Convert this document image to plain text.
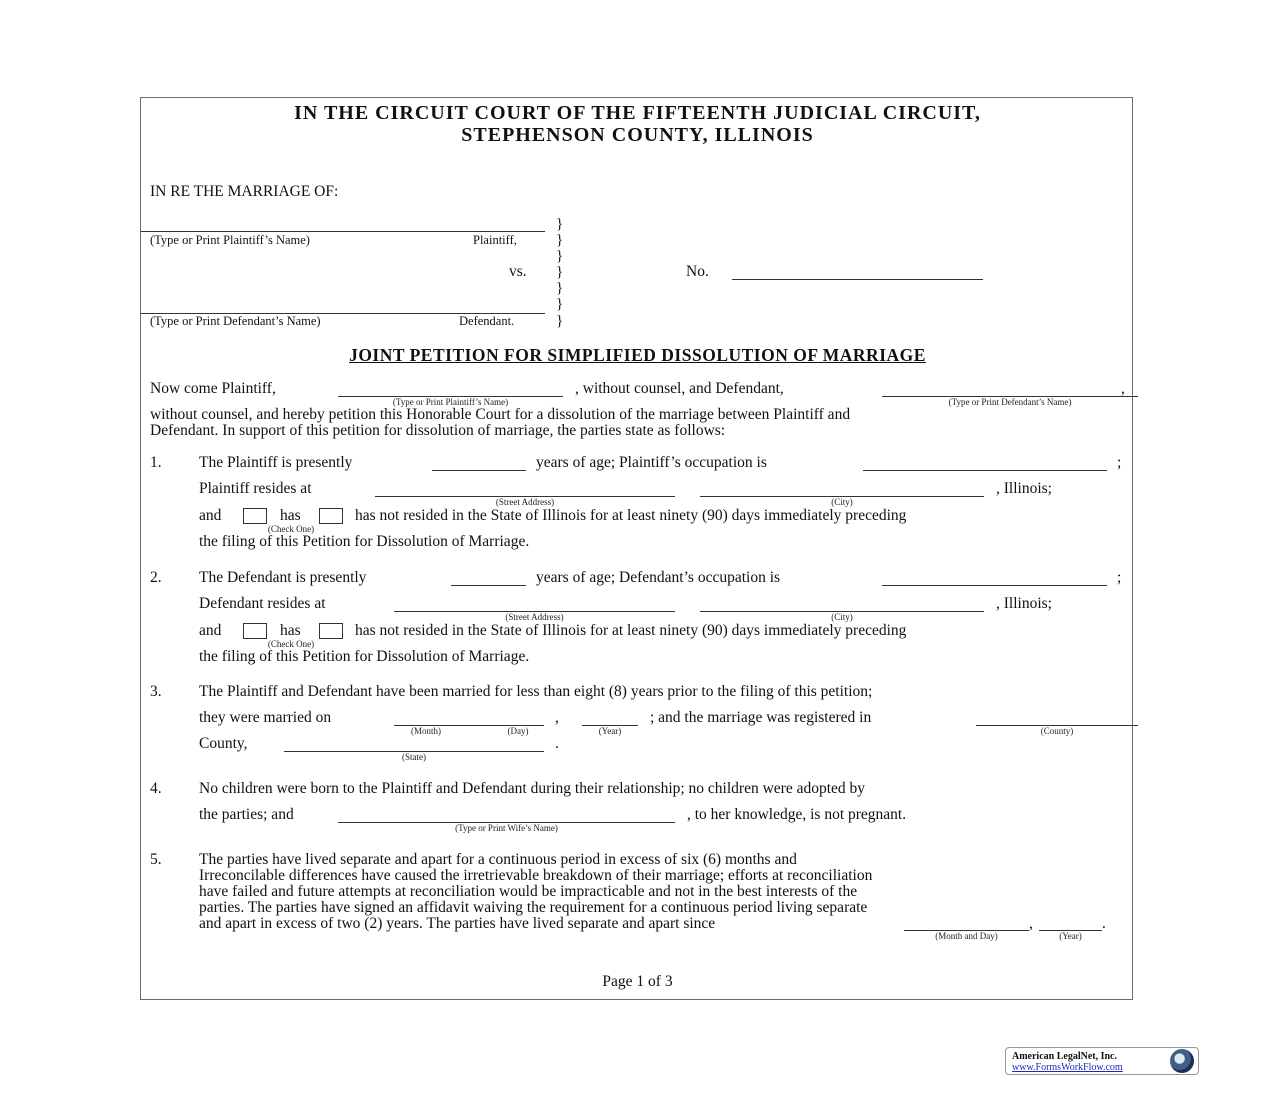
IN THE CIRCUIT COURT OF THE FIFTEENTH JUDICIAL CIRCUIT,
STEPHENSON COUNTY, ILLINOIS
IN RE THE MARRIAGE OF:
(Type or Print Plaintiff’s Name)	Plaintiff,
vs.
(Type or Print Defendant’s Name)	Defendant.
}
}
}
}
}
}
}
No.
JOINT PETITION FOR SIMPLIFIED DISSOLUTION OF MARRIAGE
Now come Plaintiff,
(Type or Print Plaintiff’s Name)
, without counsel, and Defendant,
(Type or Print Defendant’s Name)
,
without counsel, and hereby petition this Honorable Court for a dissolution of the marriage between Plaintiff and
Defendant. In support of this petition for dissolution of marriage, the parties state as follows:
1. The Plaintiff is presently	years of age; Plaintiff’s occupation is	;
Plaintiff resides at
(Street Address)	(City)
, Illinois;
and	has
(Check One)
has not resided in the State of Illinois for at least ninety (90) days immediately preceding
the filing of this Petition for Dissolution of Marriage.
2. The Defendant is presently	years of age; Defendant’s occupation is	;
Defendant resides at
(Street Address)	(City)
, Illinois;
and	has
(Check One)
has not resided in the State of Illinois for at least ninety (90) days immediately preceding
the filing of this Petition for Dissolution of Marriage.
3. The Plaintiff and Defendant have been married for less than eight (8) years prior to the filing of this petition;
they were married on
(Month)	(Day)
,
(Year)
; and the marriage was registered in
(County)
County,
(State)
.
4. No children were born to the Plaintiff and Defendant during their relationship; no children were adopted by
the parties; and
(Type or Print Wife’s Name)
, to her knowledge, is not pregnant.
5. The parties have lived separate and apart for a continuous period in excess of six (6) months and
Irreconcilable differences have caused the irretrievable breakdown of their marriage; efforts at reconciliation
have failed and future attempts at reconciliation would be impracticable and not in the best interests of the
parties. The parties have signed an affidavit waiving the requirement for a continuous period living separate
and apart in excess of two (2) years. The parties have lived separate and apart since
(Month and Day)
,
(Year)
.
Page 1 of 3
American LegalNet, Inc.
www.FormsWorkFlow.com
